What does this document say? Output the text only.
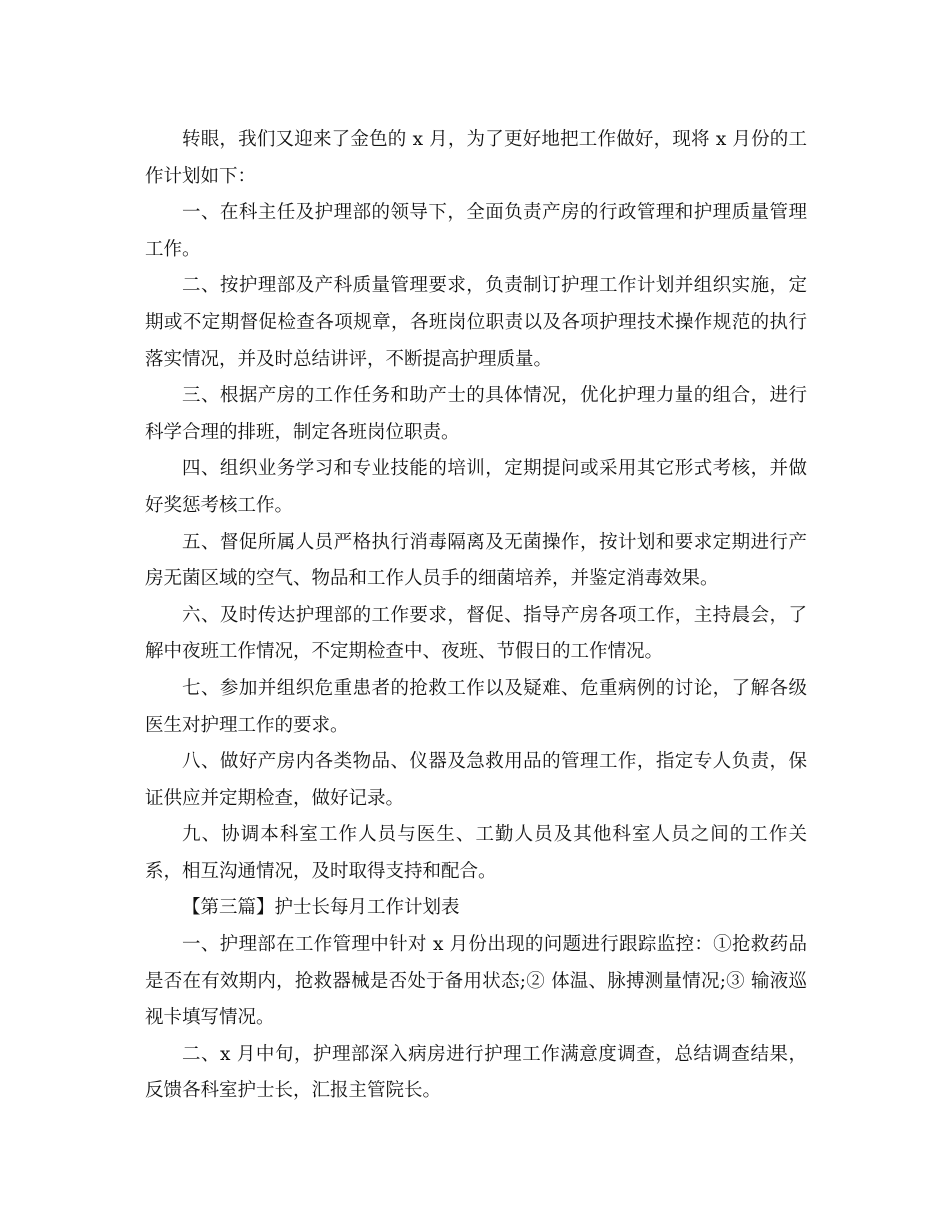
转眼，我们又迎来了金色的 x 月，为了更好地把工作做好，现将 x 月份的工作计划如下：

一、在科主任及护理部的领导下，全面负责产房的行政管理和护理质量管理工作。

二、按护理部及产科质量管理要求，负责制订护理工作计划并组织实施，定期或不定期督促检查各项规章，各班岗位职责以及各项护理技术操作规范的执行落实情况，并及时总结讲评，不断提高护理质量。

三、根据产房的工作任务和助产士的具体情况，优化护理力量的组合，进行科学合理的排班，制定各班岗位职责。

四、组织业务学习和专业技能的培训，定期提问或采用其它形式考核，并做好奖惩考核工作。

五、督促所属人员严格执行消毒隔离及无菌操作，按计划和要求定期进行产房无菌区域的空气、物品和工作人员手的细菌培养，并鉴定消毒效果。

六、及时传达护理部的工作要求，督促、指导产房各项工作，主持晨会，了解中夜班工作情况，不定期检查中、夜班、节假日的工作情况。

七、参加并组织危重患者的抢救工作以及疑难、危重病例的讨论，了解各级医生对护理工作的要求。

八、做好产房内各类物品、仪器及急救用品的管理工作，指定专人负责，保证供应并定期检查，做好记录。

九、协调本科室工作人员与医生、工勤人员及其他科室人员之间的工作关系，相互沟通情况，及时取得支持和配合。

【第三篇】护士长每月工作计划表

一、护理部在工作管理中针对 x 月份出现的问题进行跟踪监控：①抢救药品是否在有效期内，抢救器械是否处于备用状态;② 体温、脉搏测量情况;③ 输液巡视卡填写情况。

二、x 月中旬，护理部深入病房进行护理工作满意度调查，总结调查结果，反馈各科室护士长，汇报主管院长。
